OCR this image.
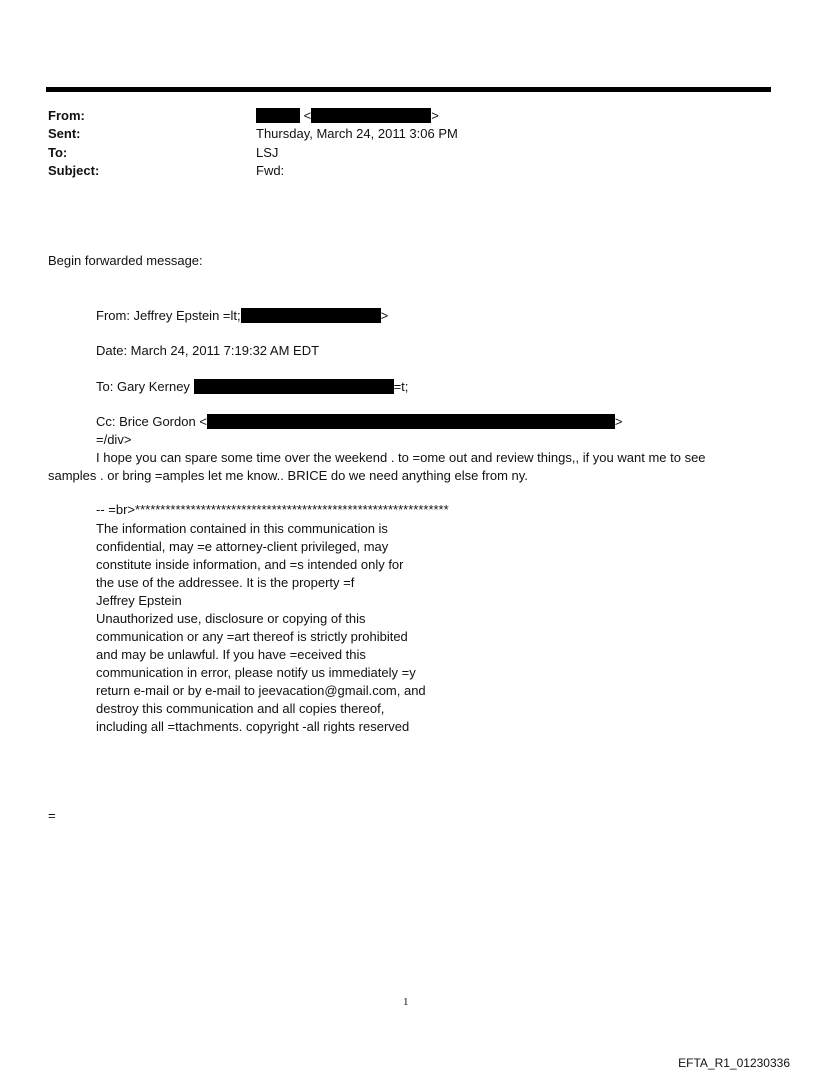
From:	<	>
Sent:	Thursday, March 24, 2011 3:06 PM
To:	LSJ
Subject:	Fwd:
Begin forwarded message:
From: Jeffrey Epstein =lt;	>
Date: March 24, 2011 7:19:32 AM EDT
To: Gary Kerney	=t;
Cc: Brice Gordon <	>
=/div>
I hope you can spare some time over the weekend . to =ome out and review things,, if you want me to see samples . or bring =amples let me know.. BRICE do we need anything else from ny.
-- =br>**************************************************************
The information contained in this communication is
confidential, may =e attorney-client privileged, may
constitute inside information, and =s intended only for
the use of the addressee. It is the property =f
Jeffrey Epstein
Unauthorized use, disclosure or copying of this
communication or any =art thereof is strictly prohibited
and may be unlawful. If you have =eceived this
communication in error, please notify us immediately =y
return e-mail or by e-mail to jeevacation@gmail.com, and
destroy this communication and all copies thereof,
including all =ttachments. copyright -all rights reserved
=
1
EFTA_R1_01230336
